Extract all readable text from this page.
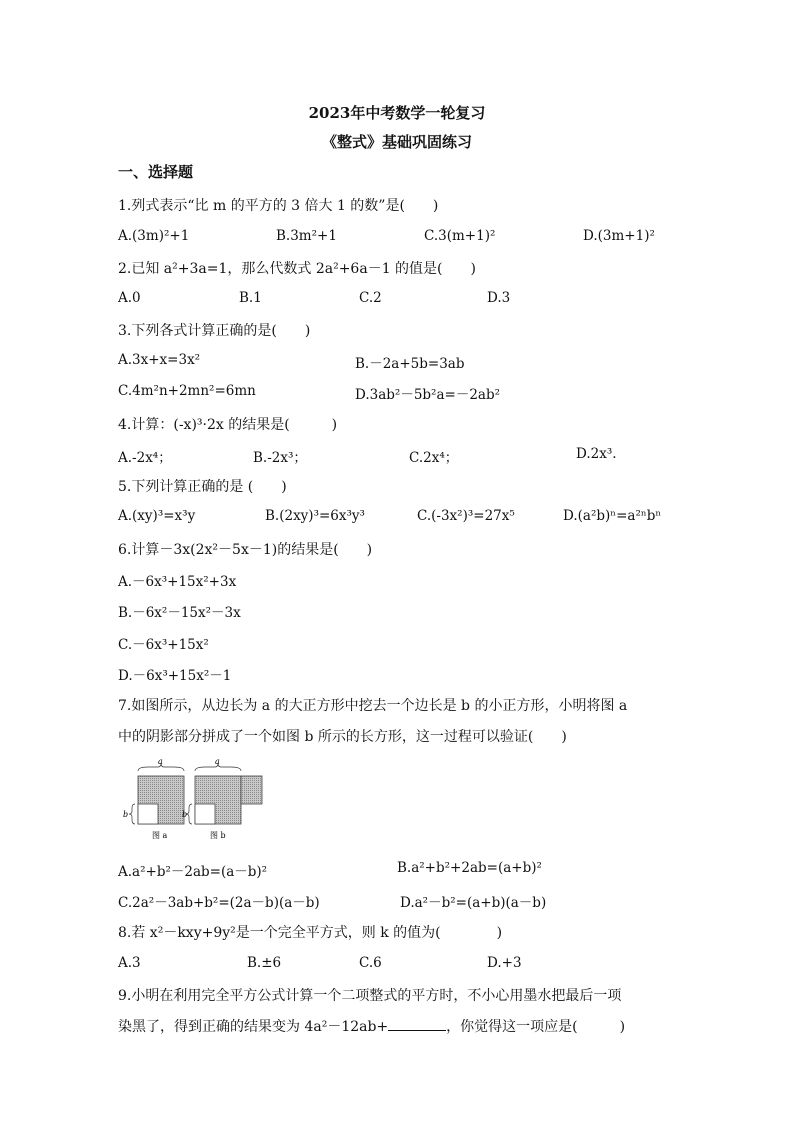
2023年中考数学一轮复习
《整式》基础巩固练习
一、选择题
1.列式表示“比 m 的平方的 3 倍大 1 的数”是(　　)
A.(3m)²+1	B.3m²+1	C.3(m+1)²	D.(3m+1)²
2.已知 a²+3a=1，那么代数式 2a²+6a－1 的值是(　　)
A.0	B.1	C.2	D.3
3.下列各式计算正确的是(　　)
A.3x+x=3x²	B.－2a+5b=3ab
C.4m²n+2mn²=6mn	D.3ab²－5b²a=－2ab²
4.计算：(-x)³·2x 的结果是(　　　)
A.-2x⁴；	B.-2x³；	C.2x⁴；	D.2x³.
5.下列计算正确的是 (　　)
A.(xy)³=x³y	B.(2xy)³=6x³y³	C.(-3x²)³=27x⁵	D.(a²b)ⁿ=a²ⁿbⁿ
6.计算－3x(2x²－5x－1)的结果是(　　)
A.－6x³+15x²+3x
B.－6x²－15x²－3x
C.－6x³+15x²
D.－6x³+15x²－1
7.如图所示，从边长为 a 的大正方形中挖去一个边长是 b 的小正方形，小明将图 a
中的阴影部分拼成了一个如图 b 所示的长方形，这一过程可以验证(　　)
a
b
图 a
a
b
图 b
A.a²+b²－2ab=(a－b)²	B.a²+b²+2ab=(a+b)²
C.2a²－3ab+b²=(2a－b)(a－b)	D.a²－b²=(a+b)(a－b)
8.若 x²－kxy+9y²是一个完全平方式，则 k 的值为(　　　　)
A.3	B.±6	C.6	D.+3
9.小明在利用完全平方公式计算一个二项整式的平方时，不小心用墨水把最后一项
染黑了，得到正确的结果变为 4a²－12ab+	，你觉得这一项应是(　　　)
